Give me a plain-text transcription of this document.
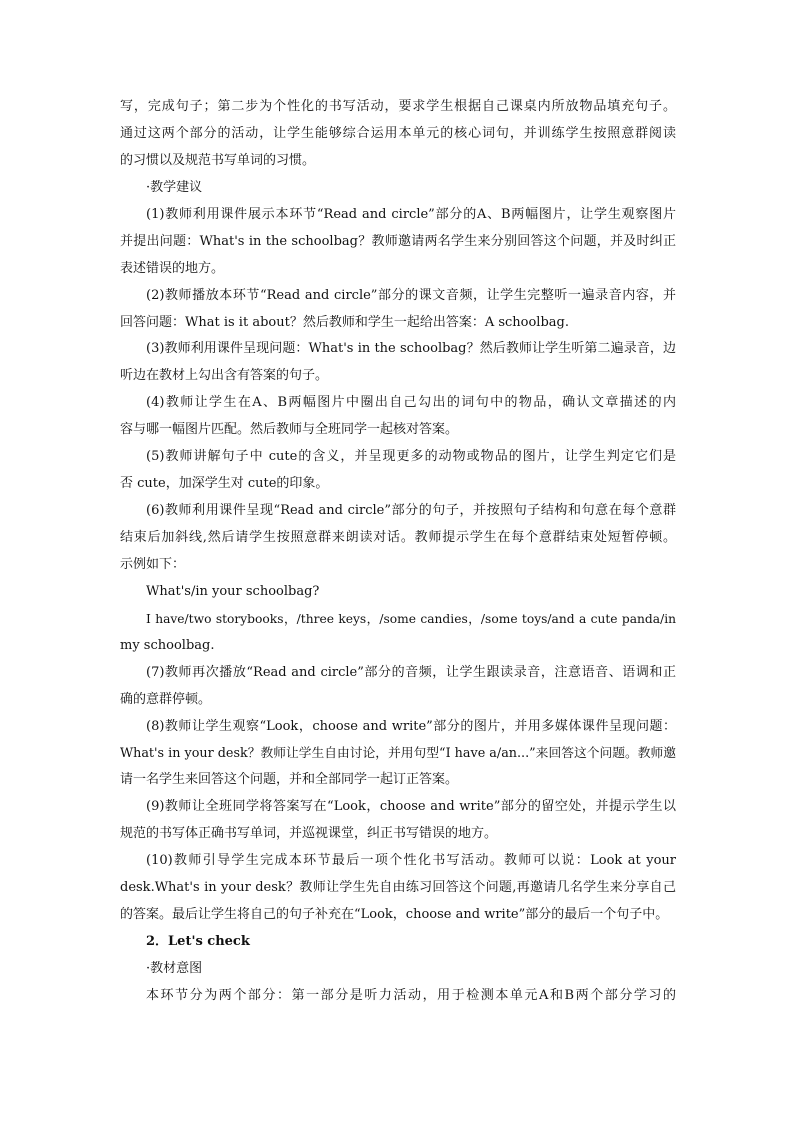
写，完成句子；第二步为个性化的书写活动，要求学生根据自己课桌内所放物品填充句子。
通过这两个部分的活动，让学生能够综合运用本单元的核心词句，并训练学生按照意群阅读
的习惯以及规范书写单词的习惯。
·教学建议
(1)教师利用课件展示本环节“Read and circle”部分的A、B两幅图片，让学生观察图片
并提出问题：What's in the schoolbag？教师邀请两名学生来分别回答这个问题，并及时纠正
表述错误的地方。
(2)教师播放本环节“Read and circle”部分的课文音频，让学生完整听一遍录音内容，并
回答问题：What is it about？然后教师和学生一起给出答案：A schoolbag.
(3)教师利用课件呈现问题：What's in the schoolbag？然后教师让学生听第二遍录音，边
听边在教材上勾出含有答案的句子。
(4)教师让学生在A、B两幅图片中圈出自己勾出的词句中的物品，确认文章描述的内
容与哪一幅图片匹配。然后教师与全班同学一起核对答案。
(5)教师讲解句子中 cute的含义，并呈现更多的动物或物品的图片，让学生判定它们是
否 cute，加深学生对 cute的印象。
(6)教师利用课件呈现“Read and circle”部分的句子，并按照句子结构和句意在每个意群
结束后加斜线,然后请学生按照意群来朗读对话。教师提示学生在每个意群结束处短暂停顿。
示例如下：
What's/in your schoolbag?
I have/two storybooks，/three keys，/some candies，/some toys/and a cute panda/in
my schoolbag.
(7)教师再次播放“Read and circle”部分的音频，让学生跟读录音，注意语音、语调和正
确的意群停顿。
(8)教师让学生观察“Look，choose and write”部分的图片，并用多媒体课件呈现问题：
What's in your desk？教师让学生自由讨论，并用句型“I have a/an...”来回答这个问题。教师邀
请一名学生来回答这个问题，并和全部同学一起订正答案。
(9)教师让全班同学将答案写在“Look，choose and write”部分的留空处，并提示学生以
规范的书写体正确书写单词，并巡视课堂，纠正书写错误的地方。
(10)教师引导学生完成本环节最后一项个性化书写活动。教师可以说：Look at your
desk.What's in your desk？教师让学生先自由练习回答这个问题,再邀请几名学生来分享自己
的答案。最后让学生将自己的句子补充在“Look，choose and write”部分的最后一个句子中。
2．Let's check
·教材意图
本环节分为两个部分：第一部分是听力活动，用于检测本单元A和B两个部分学习的
